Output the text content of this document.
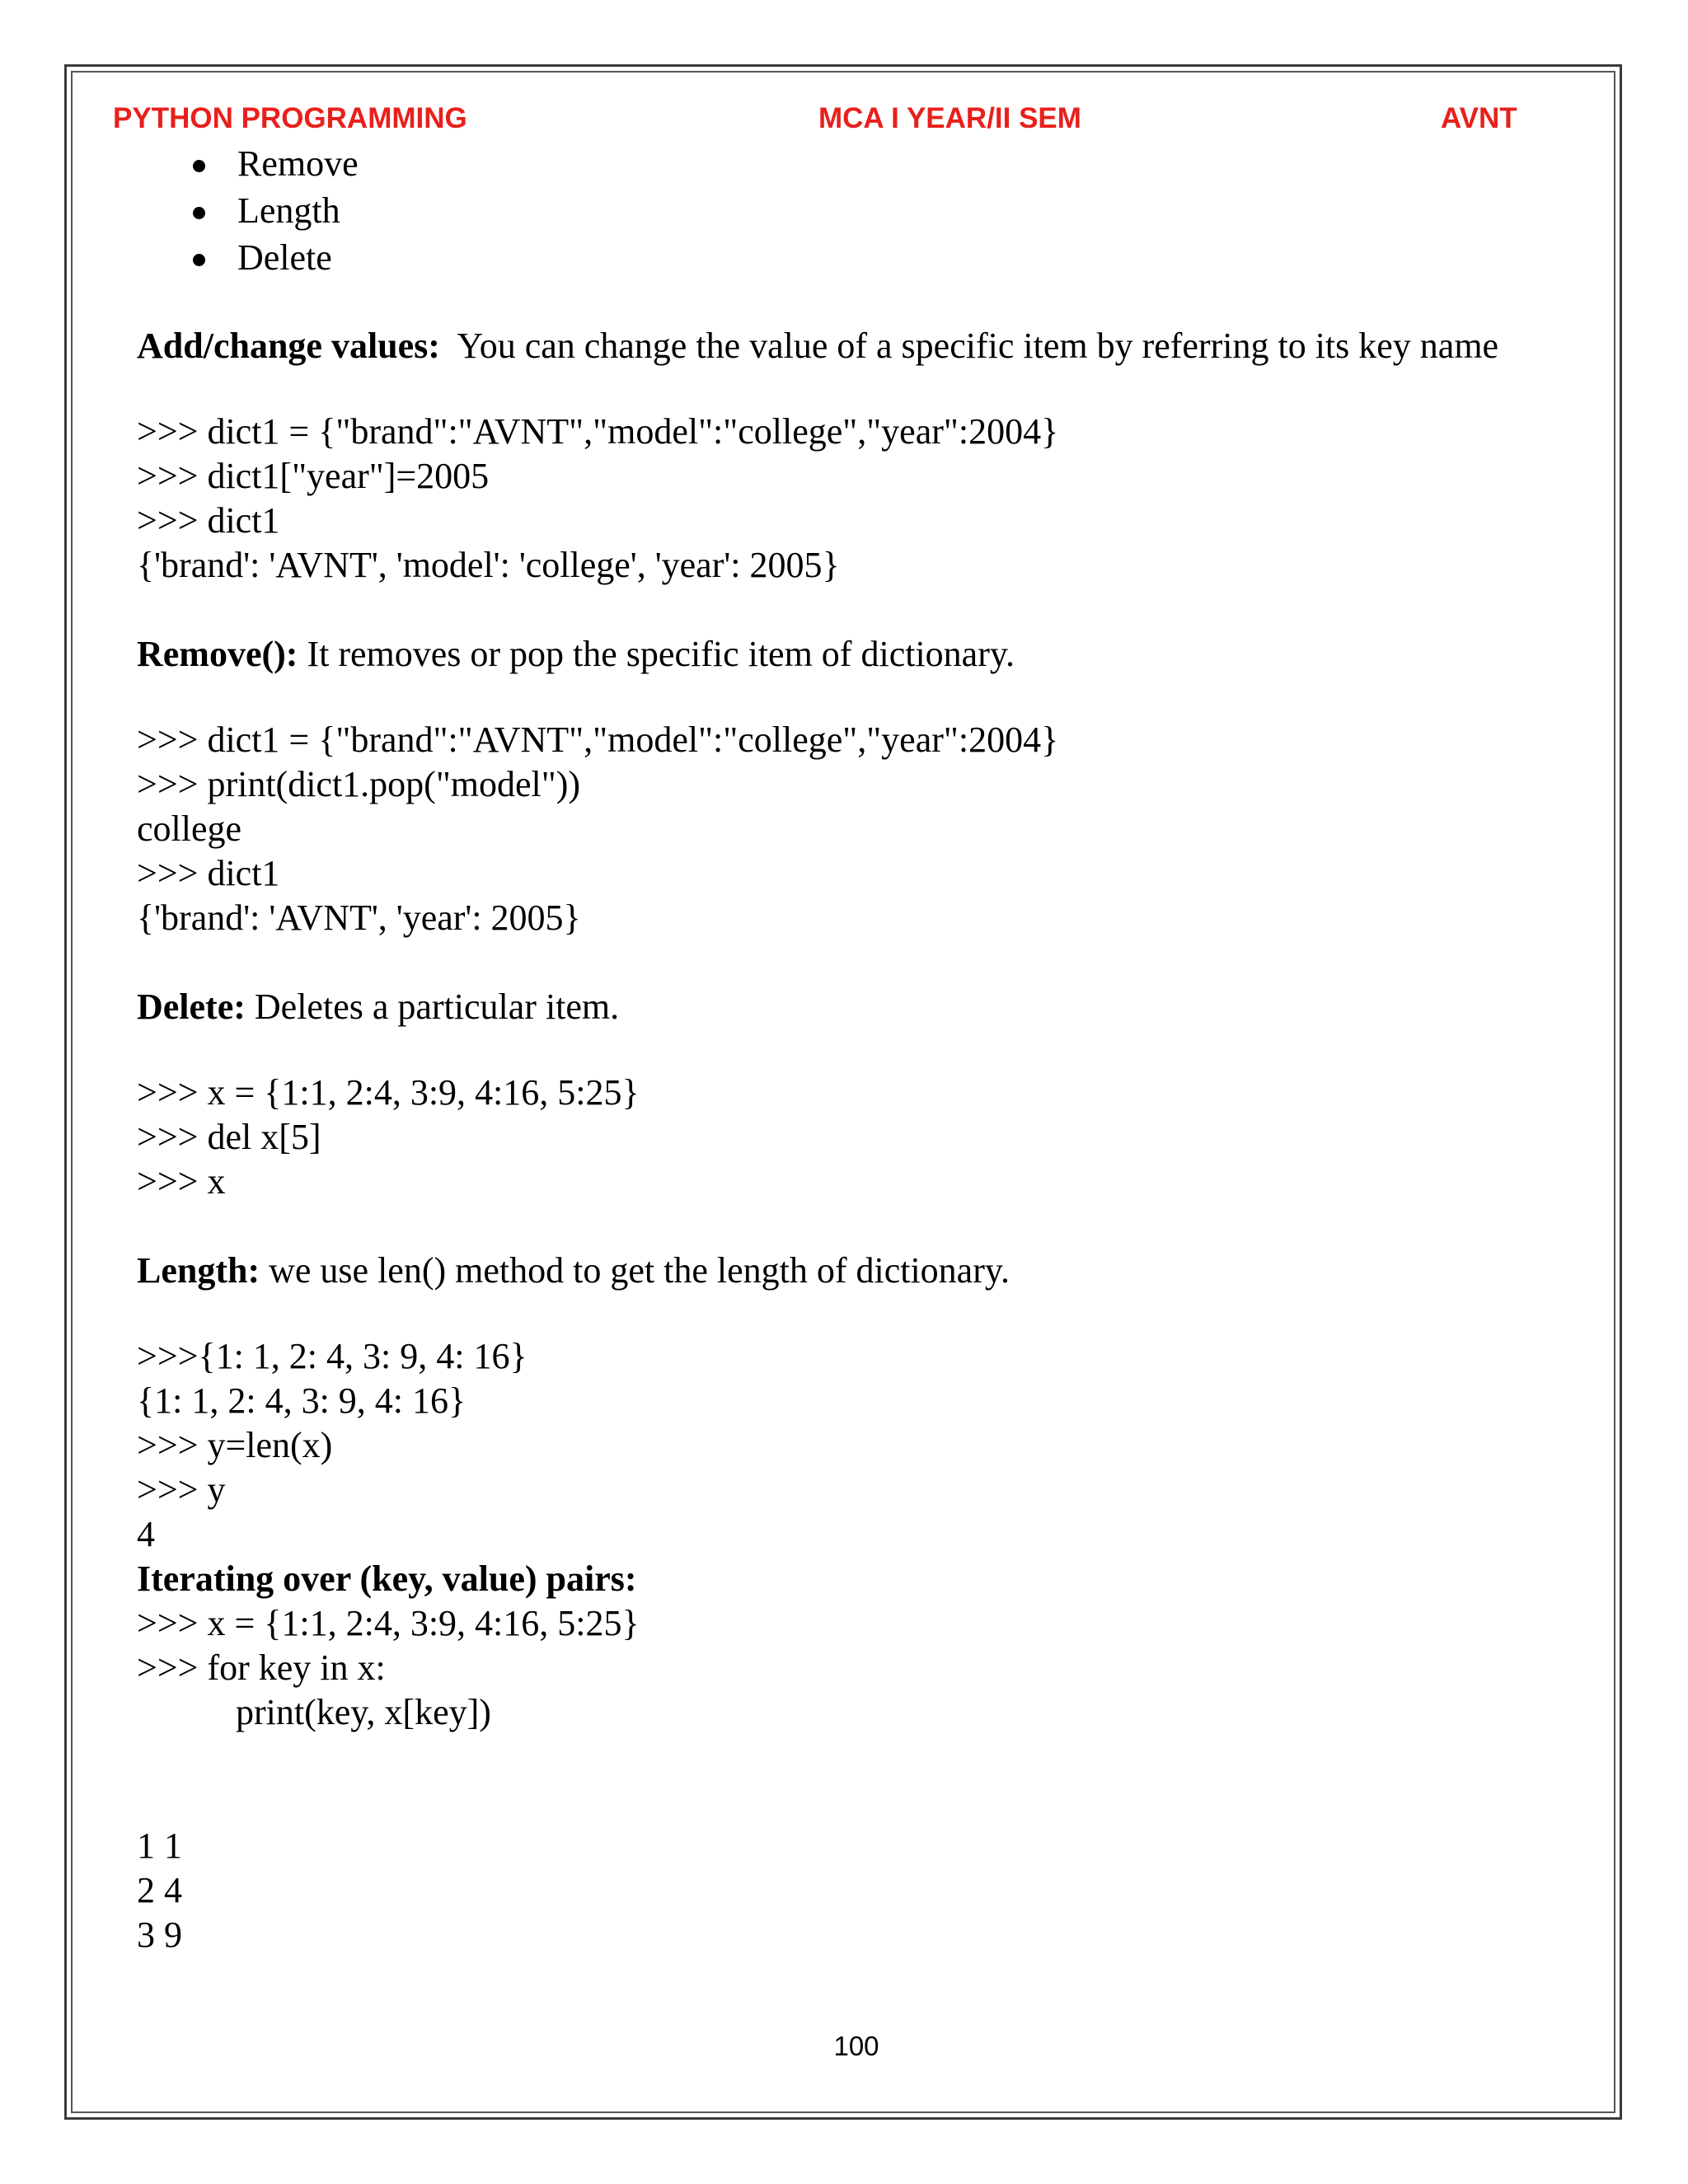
PYTHON PROGRAMMING	MCA I YEAR/II SEM	AVNT
Remove
Length
Delete
Add/change values:  You can change the value of a specific item by referring to its key name
>>> dict1 = {"brand":"AVNT","model":"college","year":2004}
>>> dict1["year"]=2005
>>> dict1
{'brand': 'AVNT', 'model': 'college', 'year': 2005}
Remove(): It removes or pop the specific item of dictionary.
>>> dict1 = {"brand":"AVNT","model":"college","year":2004}
>>> print(dict1.pop("model"))
college
>>> dict1
{'brand': 'AVNT', 'year': 2005}
Delete: Deletes a particular item.
>>> x = {1:1, 2:4, 3:9, 4:16, 5:25}
>>> del x[5]
>>> x
Length: we use len() method to get the length of dictionary.
>>>{1: 1, 2: 4, 3: 9, 4: 16}
{1: 1, 2: 4, 3: 9, 4: 16}
>>> y=len(x)
>>> y
4
Iterating over (key, value) pairs:
>>> x = {1:1, 2:4, 3:9, 4:16, 5:25}
>>> for key in x:
print(key, x[key])
1 1
2 4
3 9
100
